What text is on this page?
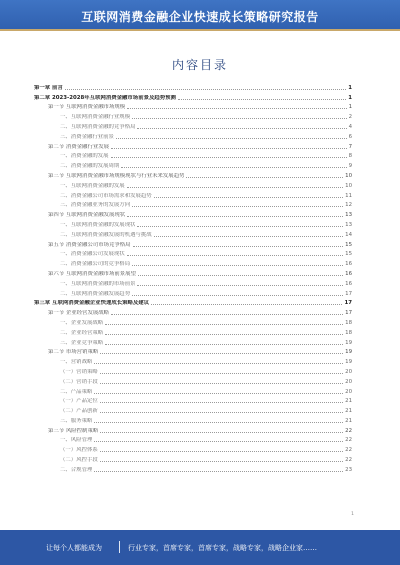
互联网消费金融企业快速成长策略研究报告
内容目录
第一章 前言	1
第二章 2023-2028年互联网消费金融市场前景及趋势预测	1
第一节 互联网消费金融市场规模	1
一、互联网消费金融行业规模	2
二、互联网消费金融的竞争格局	4
三、消费金融行业前景	6
第二节 消费金融行业发展	7
一、消费金融的发展	8
二、消费金融的发展周期	9
第三节 互联网消费金融市场规模现状与行业未来发展趋势	10
一、互联网消费金融的发展	10
二、消费金融公司市场需求和发展趋势	11
三、消费金融业务的发展方向	12
第四节 互联网消费金融发展现状	13
一、互联网消费金融的发展现状	13
二、互联网消费金融发展的机遇与挑战	14
第五节 消费金融公司市场竞争格局	15
一、消费金融公司发展现状	15
二、消费金融公司的竞争格局	16
第六节 互联网消费金融市场前景展望	16
一、互联网消费金融的市场前景	16
二、互联网消费金融发展趋势	17
第三章 互联网消费金融企业快速成长策略及建议	17
第一节 企业经营发展战略	17
一、企业发展战略	18
二、企业经营策略	18
三、企业竞争策略	19
第二节 市场营销策略	19
一、营销战略	19
（一）营销策略	20
（二）营销手段	20
二、产品策略	20
（一）产品定位	21
（二）产品创新	21
三、服务策略	21
第三节 风险控制策略	22
一、风险管理	22
（一）风控体系	22
（二）风控手段	22
二、合规管理	23
1
让每个人都能成为	行业专家，首席专家，首席专家，战略专家，战略企业家……
